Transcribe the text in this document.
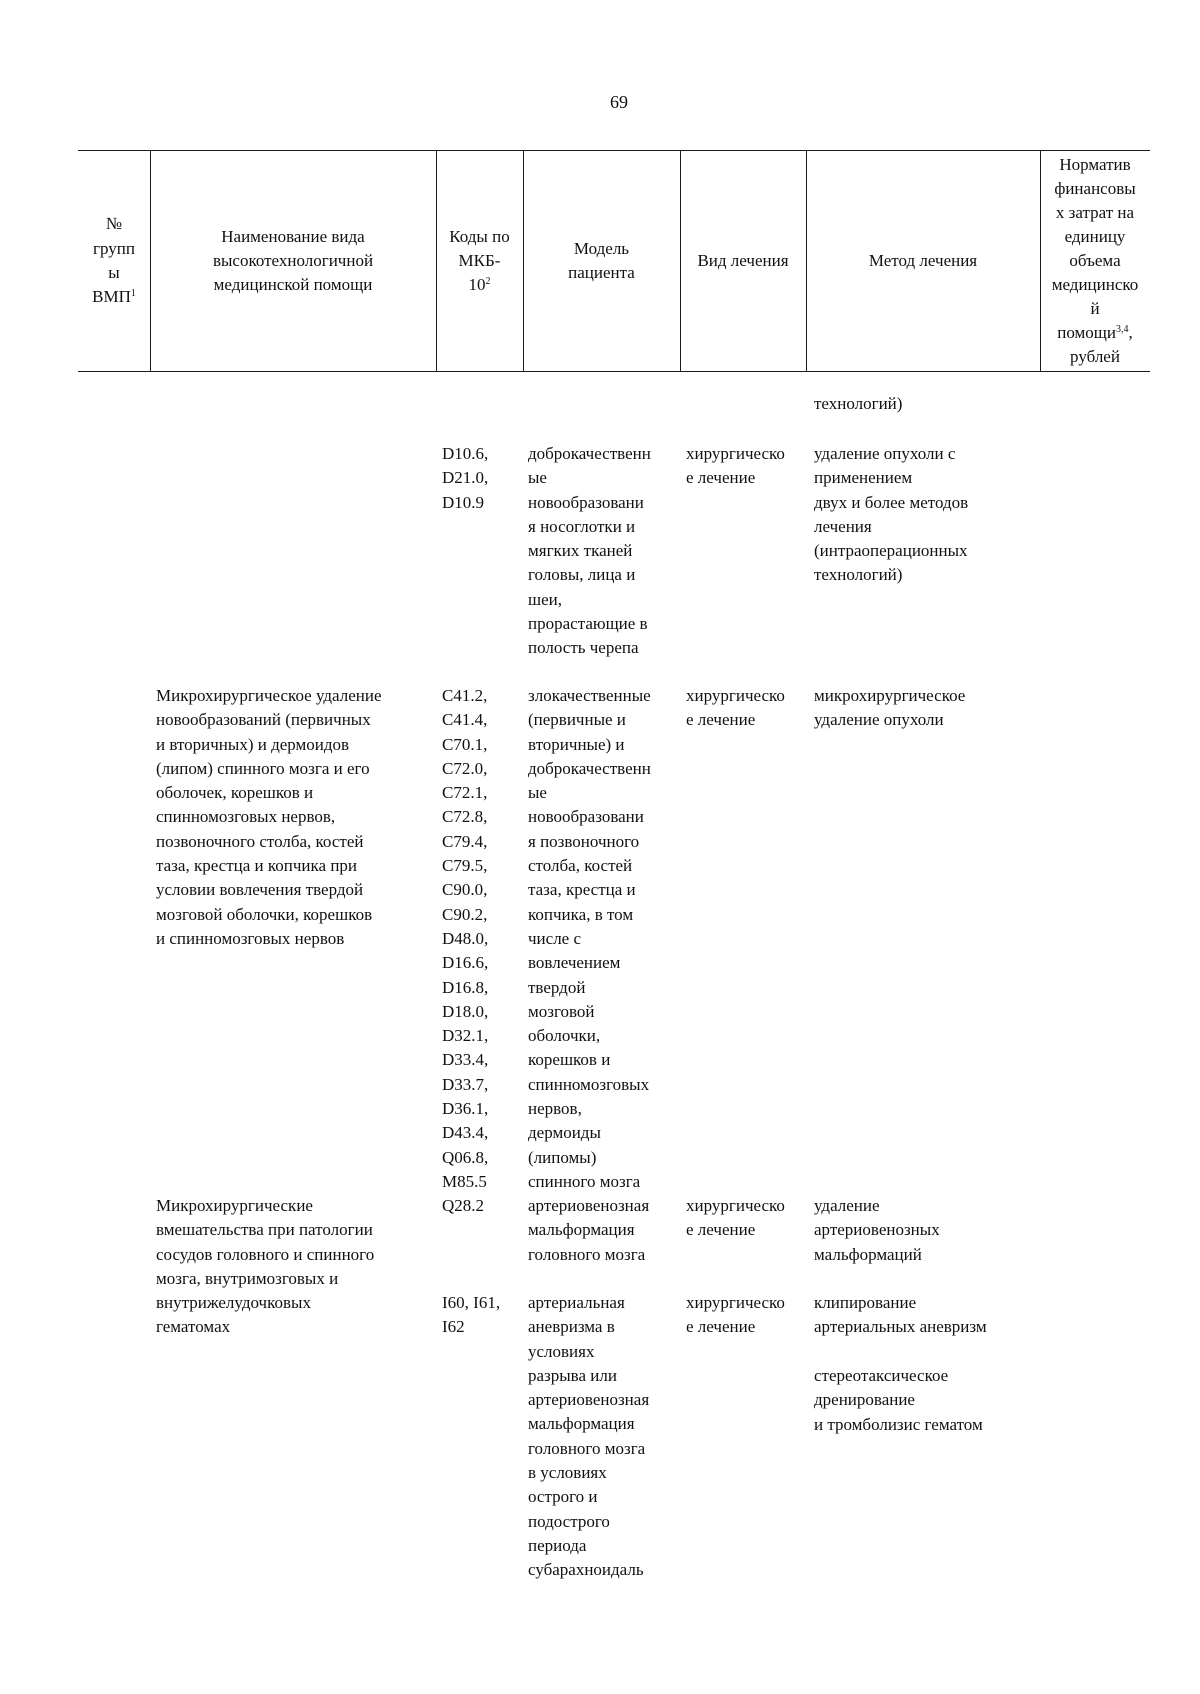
69
№
групп
ы
ВМП$^1$
Наименование вида
высокотехнологичной
медицинской помощи
Коды по
МКБ-
$10^2$
Модель
пациента
Вид лечения	Метод лечения
Норматив
финансовы
х затрат на
единицу
объема
медицинско
й
помощи$^{3,4}$,
рублей
технологий)
D10.6,
D21.0,
D10.9
доброкачественн
ые
новообразовани
я носоглотки и
мягких тканей
головы, лица и
шеи,
прорастающие в
полость черепа
хирургическо
е лечение
удаление опухоли с
применением
двух и более методов
лечения
(интраоперационных
технологий)
Микрохирургическое удаление
новообразований (первичных
и вторичных) и дермоидов
(липом) спинного мозга и его
оболочек, корешков и
спинномозговых нервов,
позвоночного столба, костей
таза, крестца и копчика при
условии вовлечения твердой
мозговой оболочки, корешков
и спинномозговых нервов
C41.2,
C41.4,
C70.1,
C72.0,
C72.1,
C72.8,
C79.4,
C79.5,
C90.0,
C90.2,
D48.0,
D16.6,
D16.8,
D18.0,
D32.1,
D33.4,
D33.7,
D36.1,
D43.4,
Q06.8,
M85.5
злокачественные
(первичные и
вторичные) и
доброкачественн
ые
новообразовани
я позвоночного
столба, костей
таза, крестца и
копчика, в том
числе с
вовлечением
твердой
мозговой
оболочки,
корешков и
спинномозговых
нервов,
дермоиды
(липомы)
спинного мозга
хирургическо
е лечение
микрохирургическое
удаление опухоли
Микрохирургические
вмешательства при патологии
сосудов головного и спинного
мозга, внутримозговых и
внутрижелудочковых
гематомах
Q28.2	артериовенозная
мальформация
головного мозга
хирургическо
е лечение
удаление
артериовенозных
мальформаций
I60, I61,
I62
артериальная
аневризма в
условиях
разрыва или
артериовенозная
мальформация
головного мозга
в условиях
острого и
подострого
периода
субарахноидаль
хирургическо
е лечение
клипирование
артериальных аневризм
стереотаксическое
дренирование
и тромболизис гематом
